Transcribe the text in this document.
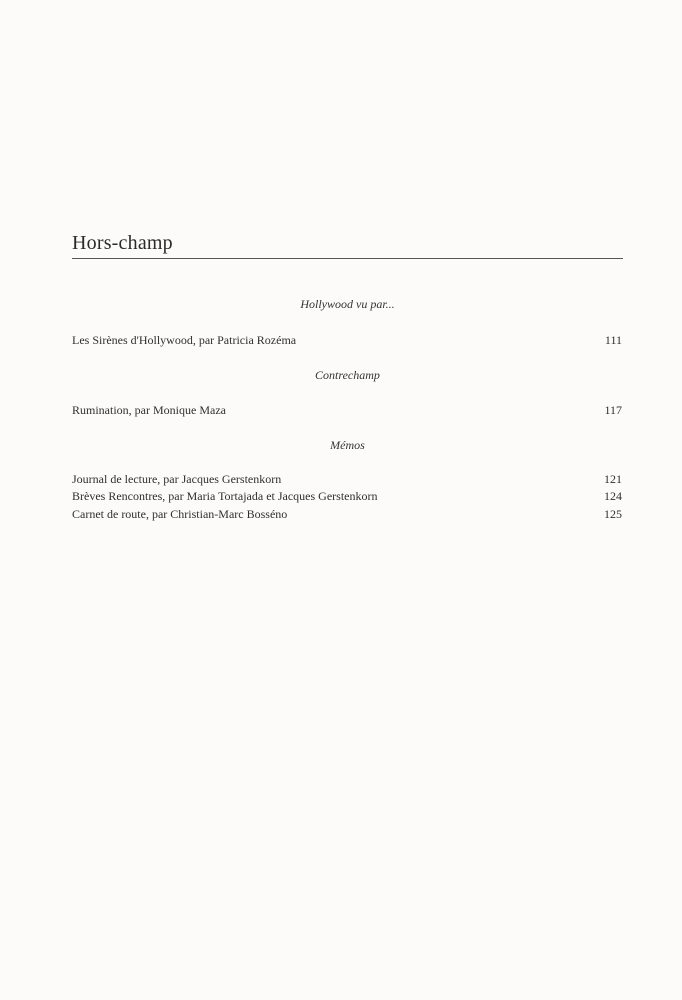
Hors-champ
Hollywood vu par...
Les Sirènes d'Hollywood, par Patricia Rozéma	111
Contrechamp
Rumination, par Monique Maza	117
Mémos
Journal de lecture, par Jacques Gerstenkorn	121
Brèves Rencontres, par Maria Tortajada et Jacques Gerstenkorn	124
Carnet de route, par Christian-Marc Bosséno	125
